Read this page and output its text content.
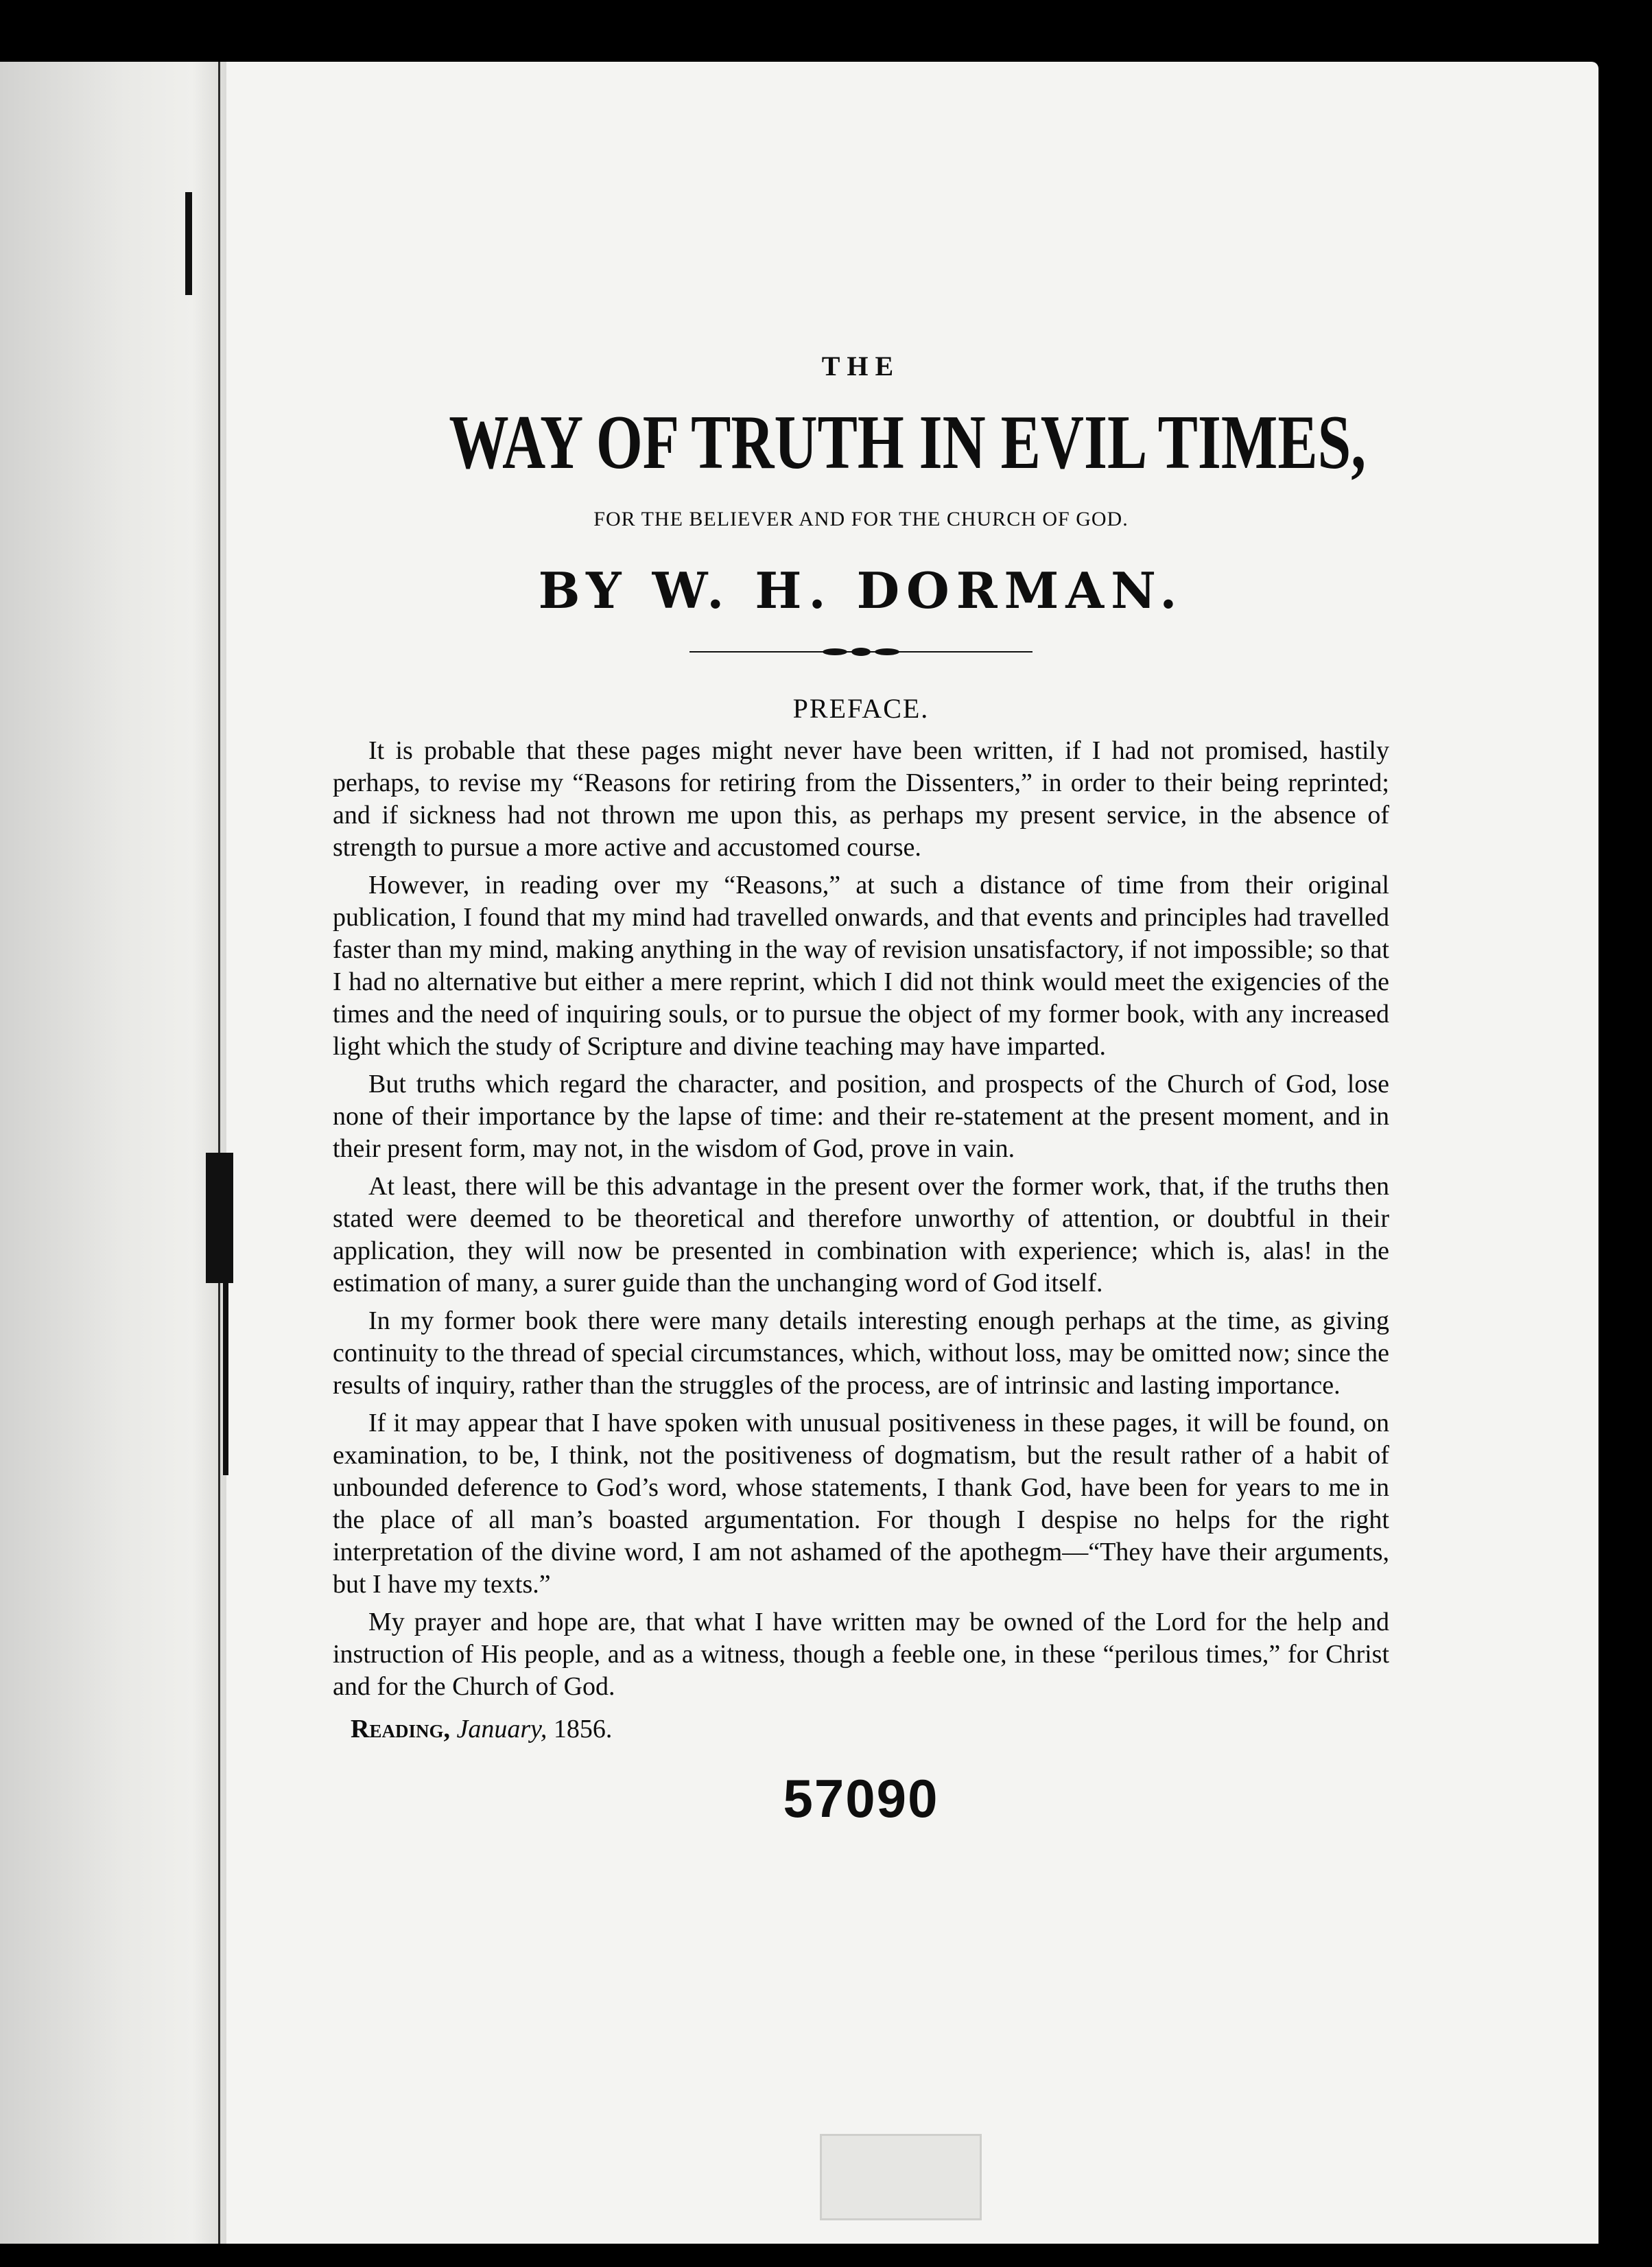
THE
WAY OF TRUTH IN EVIL TIMES,
FOR THE BELIEVER AND FOR THE CHURCH OF GOD.
BY W. H. DORMAN.
PREFACE.

It is probable that these pages might never have been written, if I had not promised, hastily perhaps, to revise my “Reasons for retiring from the Dissenters,” in order to their being reprinted; and if sickness had not thrown me upon this, as perhaps my present service, in the absence of strength to pursue a more active and accustomed course.

However, in reading over my “Reasons,” at such a distance of time from their original publication, I found that my mind had travelled onwards, and that events and principles had travelled faster than my mind, making anything in the way of revision unsatisfactory, if not impossible; so that I had no alternative but either a mere reprint, which I did not think would meet the exigencies of the times and the need of inquiring souls, or to pursue the object of my former book, with any increased light which the study of Scripture and divine teaching may have imparted.

But truths which regard the character, and position, and prospects of the Church of God, lose none of their importance by the lapse of time: and their re-statement at the present moment, and in their present form, may not, in the wisdom of God, prove in vain.

At least, there will be this advantage in the present over the former work, that, if the truths then stated were deemed to be theoretical and therefore unworthy of attention, or doubtful in their application, they will now be presented in combination with experience; which is, alas! in the estimation of many, a surer guide than the unchanging word of God itself.

In my former book there were many details interesting enough perhaps at the time, as giving continuity to the thread of special circumstances, which, without loss, may be omitted now; since the results of inquiry, rather than the struggles of the process, are of intrinsic and lasting importance.

If it may appear that I have spoken with unusual positiveness in these pages, it will be found, on examination, to be, I think, not the positiveness of dogmatism, but the result rather of a habit of unbounded deference to God’s word, whose statements, I thank God, have been for years to me in the place of all man’s boasted argumentation. For though I despise no helps for the right interpretation of the divine word, I am not ashamed of the apothegm—“They have their arguments, but I have my texts.”

My prayer and hope are, that what I have written may be owned of the Lord for the help and instruction of His people, and as a witness, though a feeble one, in these “perilous times,” for Christ and for the Church of God.

Reading, January, 1856.
57090
